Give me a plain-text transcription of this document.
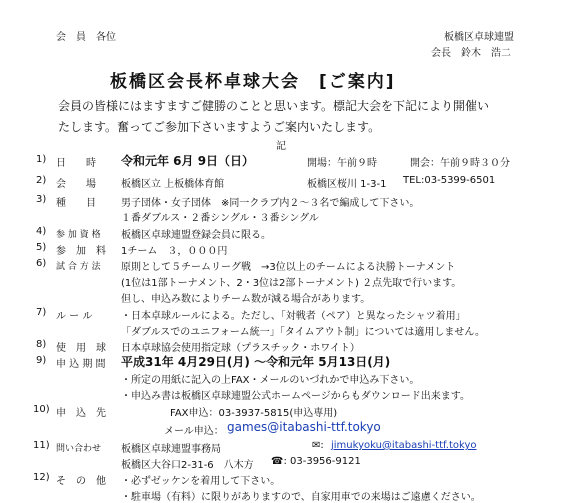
会　員　各位	板橋区卓球連盟
会長　鈴木　浩二
板橋区会長杯卓球大会　[ご案内]
会員の皆様にはますますご健勝のことと思います。標記大会を下記により開催い
たします。奮ってご参加下さいますようご案内いたします。
記
1) 日　　時 令和元年 6月 9日（日）	開場：午前９時	開会：午前９時３０分
2) 会　　場	板橋区立 上板橋体育館	板橋区桜川 1-3-1 TEL:03-5399-6501
3) 種　　目	男子団体・女子団体　※同一クラブ内２～３名で編成して下さい。
１番ダブルス・２番シングル・３番シングル
4) 参 加 資 格 板橋区卓球連盟登録会員に限る。
5) 参　加　料 1チーム　３，０００円
6) 試 合 方 法 原則として５チームリーグ戦　→3位以上のチームによる決勝トーナメント
(1位は1部トーナメント、2・3位は2部トーナメント) ２点先取で行います。
但し、申込み数によりチーム数が減る場合があります。
7) ル ー ル	・日本卓球ルールによる。ただし、「対戦者（ペア）と異なったシャツ着用」
「ダブルスでのユニフォーム統一」「タイムアウト制」については適用しません。
8) 使　用　球 日本卓球協会使用指定球（プラスチック・ホワイト）
9) 申 込 期 間 平成31年 4月29日(月) ～令和元年 5月13日(月)
・所定の用紙に記入の上FAX・メールのいづれかで申込み下さい。
・申込み書は板橋区卓球連盟公式ホームページからもダウンロード出来ます。
10) 申　込　先	FAX申込：03-3937-5815(申込専用)
メール申込： games@itabashi-ttf.tokyo
11) 問い合わせ 板橋区卓球連盟事務局	✉: jimukyoku@itabashi-ttf.tokyo
板橋区大谷口2-31-6　八木方 ☎: 03-3956-9121
12) そ　の　他 ・必ずゼッケンを着用して下さい。
・駐車場（有料）に限りがありますので、自家用車での来場はご遠慮ください。
